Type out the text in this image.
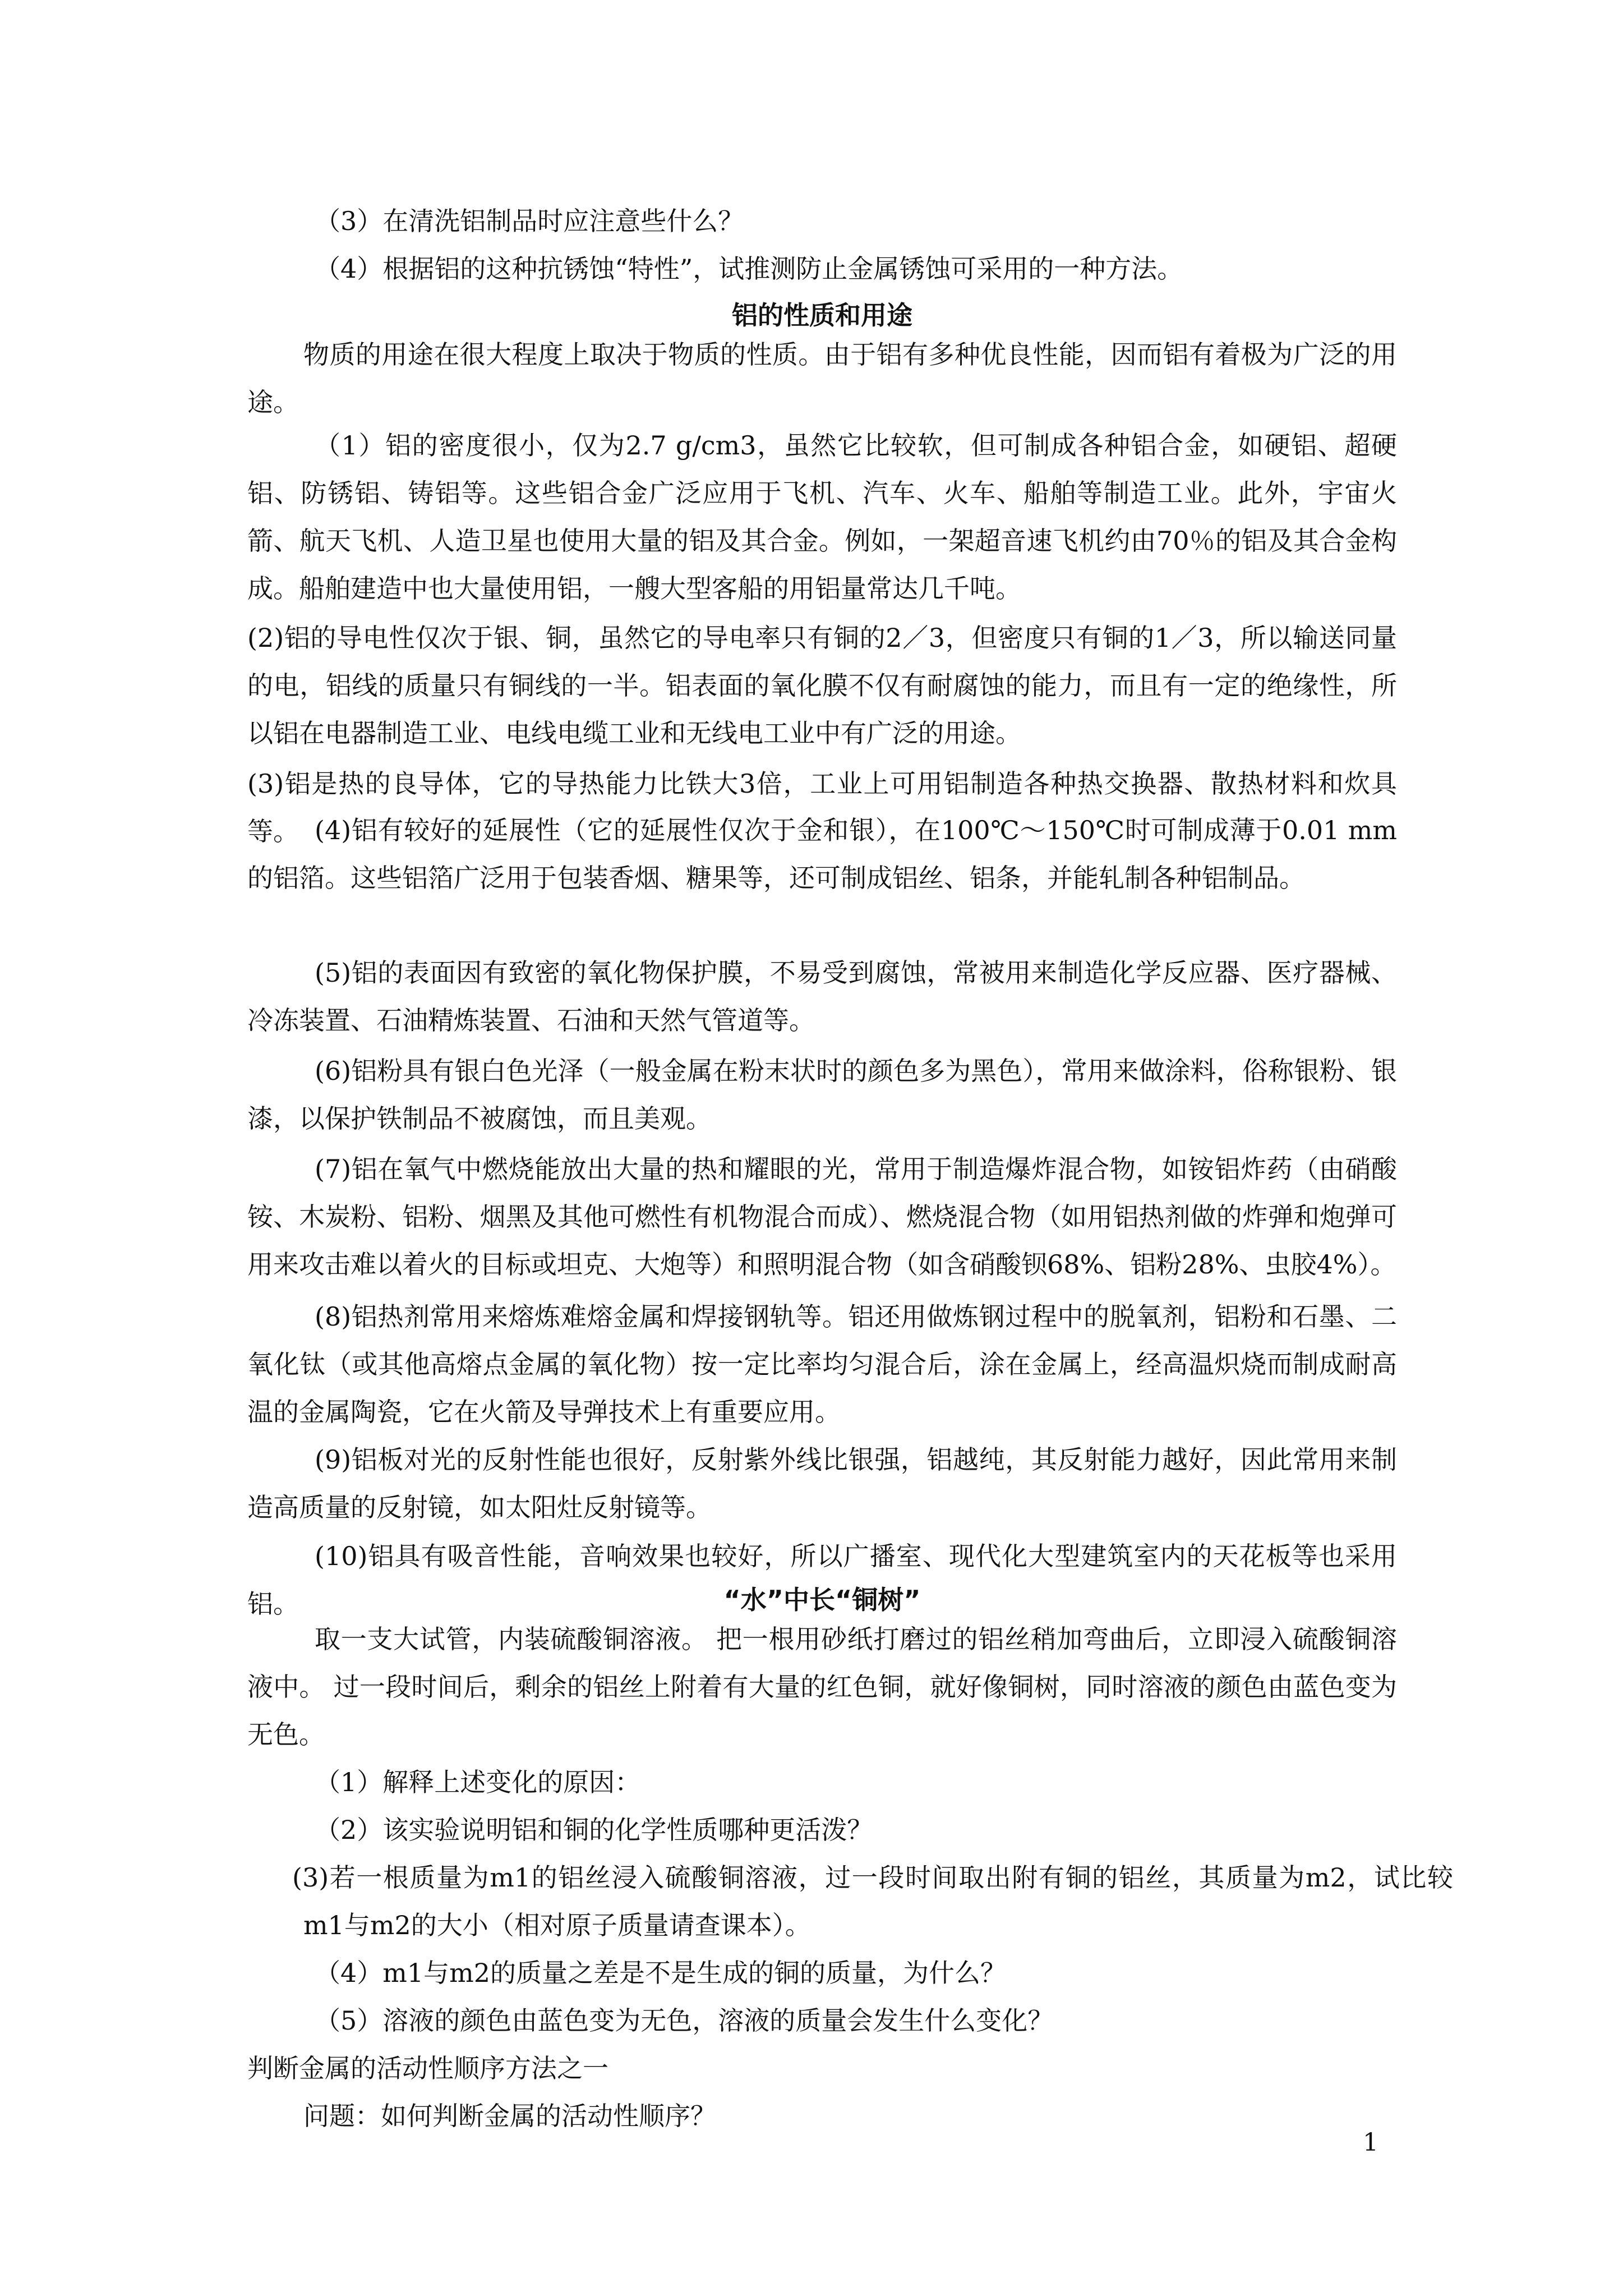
（3）在清洗铝制品时应注意些什么？

（4）根据铝的这种抗锈蚀“特性”，试推测防止金属锈蚀可采用的一种方法。

铝的性质和用途

物质的用途在很大程度上取决于物质的性质。由于铝有多种优良性能，因而铝有着极为广泛的用途。

（1）铝的密度很小，仅为2.7 g/cm3，虽然它比较软，但可制成各种铝合金，如硬铝、超硬铝、防锈铝、铸铝等。这些铝合金广泛应用于飞机、汽车、火车、船舶等制造工业。此外，宇宙火箭、航天飞机、人造卫星也使用大量的铝及其合金。例如，一架超音速飞机约由70％的铝及其合金构成。船舶建造中也大量使用铝，一艘大型客船的用铝量常达几千吨。

(2)铝的导电性仅次于银、铜，虽然它的导电率只有铜的2／3，但密度只有铜的1／3，所以输送同量的电，铝线的质量只有铜线的一半。铝表面的氧化膜不仅有耐腐蚀的能力，而且有一定的绝缘性，所以铝在电器制造工业、电线电缆工业和无线电工业中有广泛的用途。

(3)铝是热的良导体，它的导热能力比铁大3倍，工业上可用铝制造各种热交换器、散热材料和炊具等。 (4)铝有较好的延展性（它的延展性仅次于金和银），在100℃～150℃时可制成薄于0.01 mm的铝箔。这些铝箔广泛用于包装香烟、糖果等，还可制成铝丝、铝条，并能轧制各种铝制品。

(5)铝的表面因有致密的氧化物保护膜，不易受到腐蚀，常被用来制造化学反应器、医疗器械、冷冻装置、石油精炼装置、石油和天然气管道等。

(6)铝粉具有银白色光泽（一般金属在粉末状时的颜色多为黑色），常用来做涂料，俗称银粉、银漆，以保护铁制品不被腐蚀，而且美观。

(7)铝在氧气中燃烧能放出大量的热和耀眼的光，常用于制造爆炸混合物，如铵铝炸药（由硝酸铵、木炭粉、铝粉、烟黑及其他可燃性有机物混合而成）、燃烧混合物（如用铝热剂做的炸弹和炮弹可用来攻击难以着火的目标或坦克、大炮等）和照明混合物（如含硝酸钡68%、铝粉28%、虫胶4%）。

(8)铝热剂常用来熔炼难熔金属和焊接钢轨等。铝还用做炼钢过程中的脱氧剂，铝粉和石墨、二氧化钛（或其他高熔点金属的氧化物）按一定比率均匀混合后，涂在金属上，经高温炽烧而制成耐高温的金属陶瓷，它在火箭及导弹技术上有重要应用。

(9)铝板对光的反射性能也很好，反射紫外线比银强，铝越纯，其反射能力越好，因此常用来制造高质量的反射镜，如太阳灶反射镜等。

(10)铝具有吸音性能，音响效果也较好，所以广播室、现代化大型建筑室内的天花板等也采用铝。	“水”中长“铜树”

取一支大试管，内装硫酸铜溶液。 把一根用砂纸打磨过的铝丝稍加弯曲后，立即浸入硫酸铜溶液中。 过一段时间后，剩余的铝丝上附着有大量的红色铜，就好像铜树，同时溶液的颜色由蓝色变为无色。

（1）解释上述变化的原因：

（2）该实验说明铝和铜的化学性质哪种更活泼？

(3)若一根质量为m1的铝丝浸入硫酸铜溶液，过一段时间取出附有铜的铝丝，其质量为m2，试比较m1与m2的大小（相对原子质量请查课本）。

（4）m1与m2的质量之差是不是生成的铜的质量，为什么？

（5）溶液的颜色由蓝色变为无色，溶液的质量会发生什么变化？

判断金属的活动性顺序方法之一

问题：如何判断金属的活动性顺序？

1
